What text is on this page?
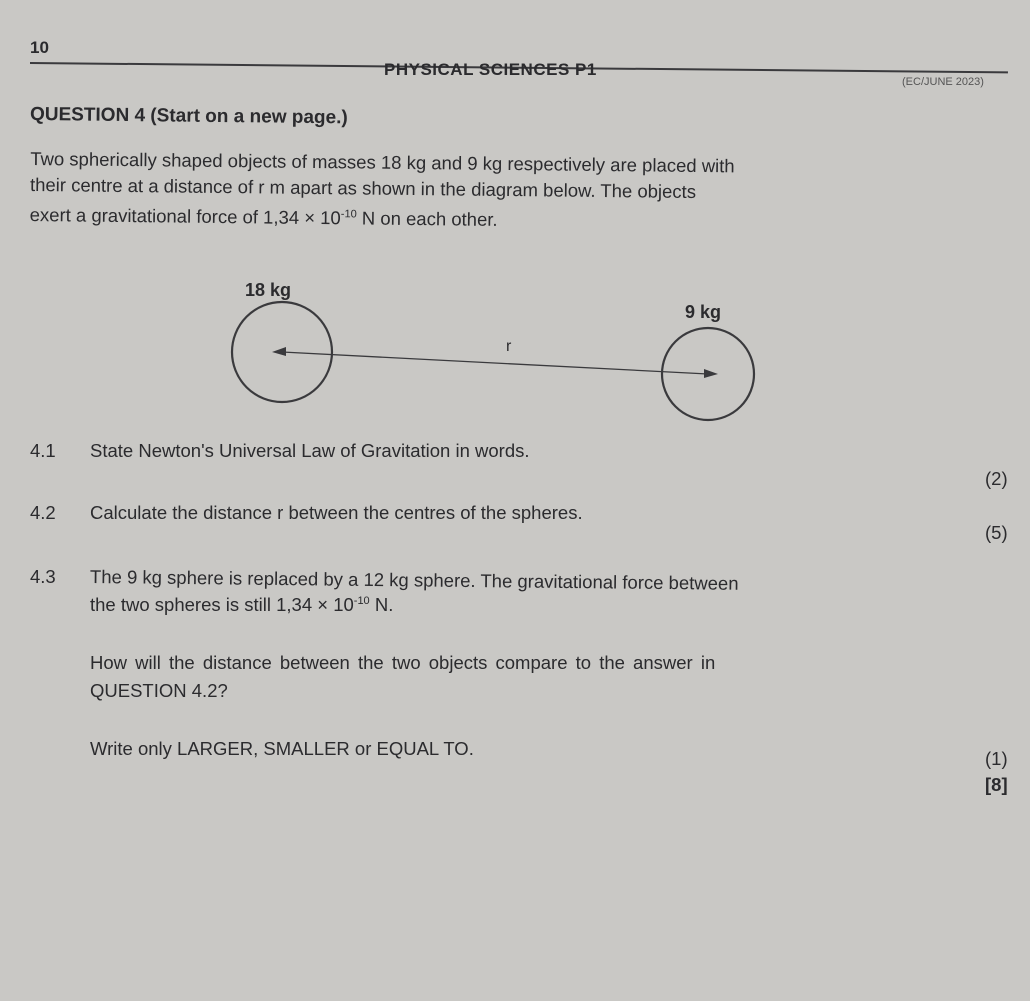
10
PHYSICAL SCIENCES P1
(EC/JUNE 2023)
QUESTION 4 (Start on a new page.)
Two spherically shaped objects of masses 18 kg and 9 kg respectively are placed with
their centre at a distance of r m apart as shown in the diagram below. The objects
exert a gravitational force of $1,34 \times 10^{-10}$ N on each other.
18 kg
9 kg
r
4.1 State Newton's Universal Law of Gravitation in words.
(2)
4.2 Calculate the distance r between the centres of the spheres.
(5)
4.3 The 9 kg sphere is replaced by a 12 kg sphere. The gravitational force between
the two spheres is still $1,34 \times 10^{-10}$ N.
How will the distance between the two objects compare to the answer in
QUESTION 4.2?
Write only LARGER, SMALLER or EQUAL TO.	(1)
[8]
